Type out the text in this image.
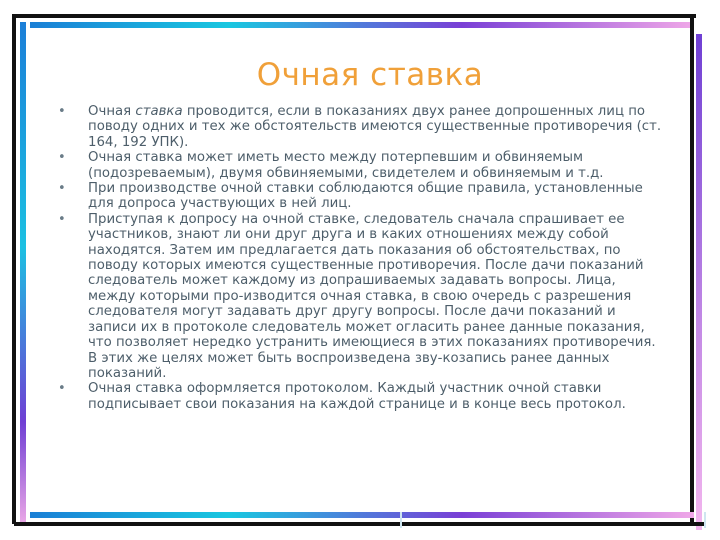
Очная ставка
• Очная ставка проводится, если в показаниях двух ранее допрошенных лиц по поводу одних и тех же обстоятельств имеются существенные противоречия (ст. 164, 192 УПК).
• Очная ставка может иметь место между потерпевшим и обвиняемым (подозреваемым), двумя обвиняемыми, свидетелем и обвиняемым и т.д.
• При производстве очной ставки соблюдаются общие правила, установленные для допроса участвующих в ней лиц.
• Приступая к допросу на очной ставке, следователь сначала спрашивает ее участников, знают ли они друг друга и в каких отношениях между собой находятся. Затем им предлагается дать показания об обстоятельствах, по поводу которых имеются существенные противоречия. После дачи показаний следователь может каждому из допрашиваемых задавать вопросы. Лица, между которыми про-изводится очная ставка, в свою очередь с разрешения следователя могут задавать друг другу вопросы. После дачи показаний и записи их в протоколе следователь может огласить ранее данные показания, что позволяет нередко устранить имеющиеся в этих показаниях противоречия. В этих же целях может быть воспроизведена зву-козапись ранее данных показаний.
• Очная ставка оформляется протоколом. Каждый участник очной ставки подписывает свои показания на каждой странице и в конце весь протокол.
